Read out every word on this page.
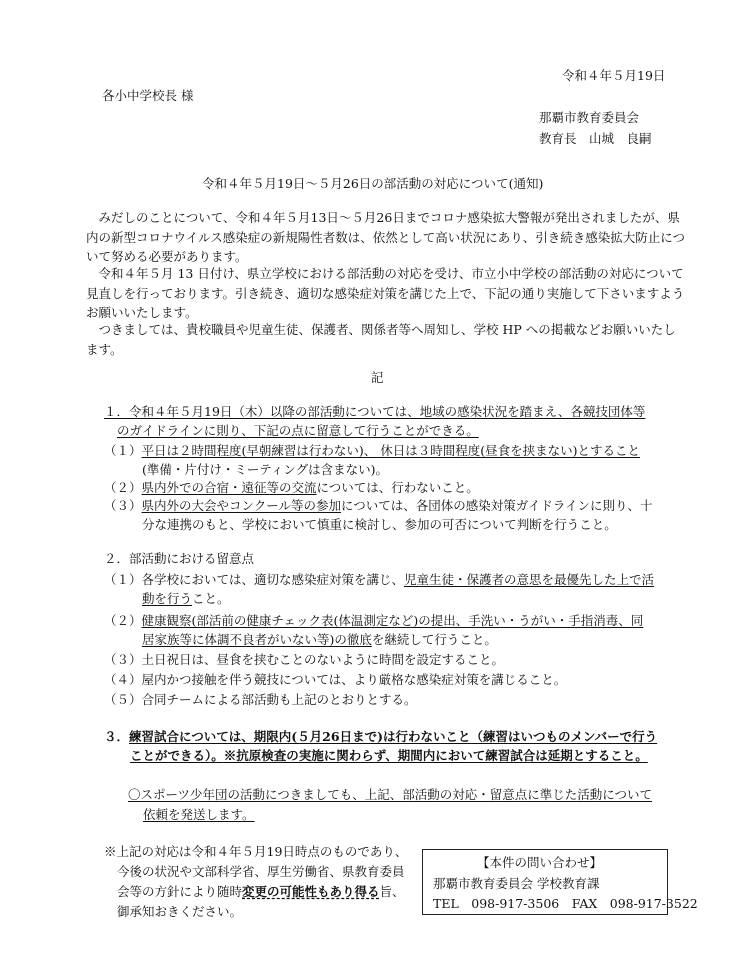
令和４年５月19日
各小中学校長 様
那覇市教育委員会
教育長　山城　良嗣
令和４年５月19日～５月26日の部活動の対応について(通知)
みだしのことについて、令和４年５月13日～５月26日までコロナ感染拡大警報が発出されましたが、県内の新型コロナウイルス感染症の新規陽性者数は、依然として高い状況にあり、引き続き感染拡大防止について努める必要があります。
令和４年５月 13 日付け、県立学校における部活動の対応を受け、市立小中学校の部活動の対応について見直しを行っております。引き続き、適切な感染症対策を講じた上で、下記の通り実施して下さいますようお願いいたします。
つきましては、貴校職員や児童生徒、保護者、関係者等へ周知し、学校 HP への掲載などお願いいたします。
記
１．令和４年５月19日（木）以降の部活動については、地域の感染状況を踏まえ、各競技団体等
のガイドラインに則り、下記の点に留意して行うことができる。
（１）平日は２時間程度(早朝練習は行わない)、 休日は３時間程度(昼食を挟まない)とすること
(準備・片付け・ミーティングは含まない)。
（２）県内外での合宿・遠征等の交流については、行わないこと。
（３）県内外の大会やコンクール等の参加については、各団体の感染対策ガイドラインに則り、十
分な連携のもと、学校において慎重に検討し、参加の可否について判断を行うこと。
２．部活動における留意点
（１）各学校においては、適切な感染症対策を講じ、児童生徒・保護者の意思を最優先した上で活
動を行うこと。
（２）健康観察(部活前の健康チェック表(体温測定など)の提出、手洗い・うがい・手指消毒、同
居家族等に体調不良者がいない等)の徹底を継続して行うこと。
（３）土日祝日は、昼食を挟むことのないように時間を設定すること。
（４）屋内かつ接触を伴う競技については、より厳格な感染症対策を講じること。
（５）合同チームによる部活動も上記のとおりとする。
３．練習試合については、期限内(５月26日まで)は行わないこと（練習はいつものメンバーで行う
ことができる）。※抗原検査の実施に関わらず、期間内において練習試合は延期とすること。
〇スポーツ少年団の活動につきましても、上記、部活動の対応・留意点に準じた活動について
依頼を発送します。
※上記の対応は令和４年５月19日時点のものであり、
今後の状況や文部科学省、厚生労働省、県教育委員
会等の方針により随時変更の可能性もあり得る旨、
御承知おきください。
【本件の問い合わせ】
那覇市教育委員会 学校教育課
TEL　098-917-3506　FAX　098-917-3522
